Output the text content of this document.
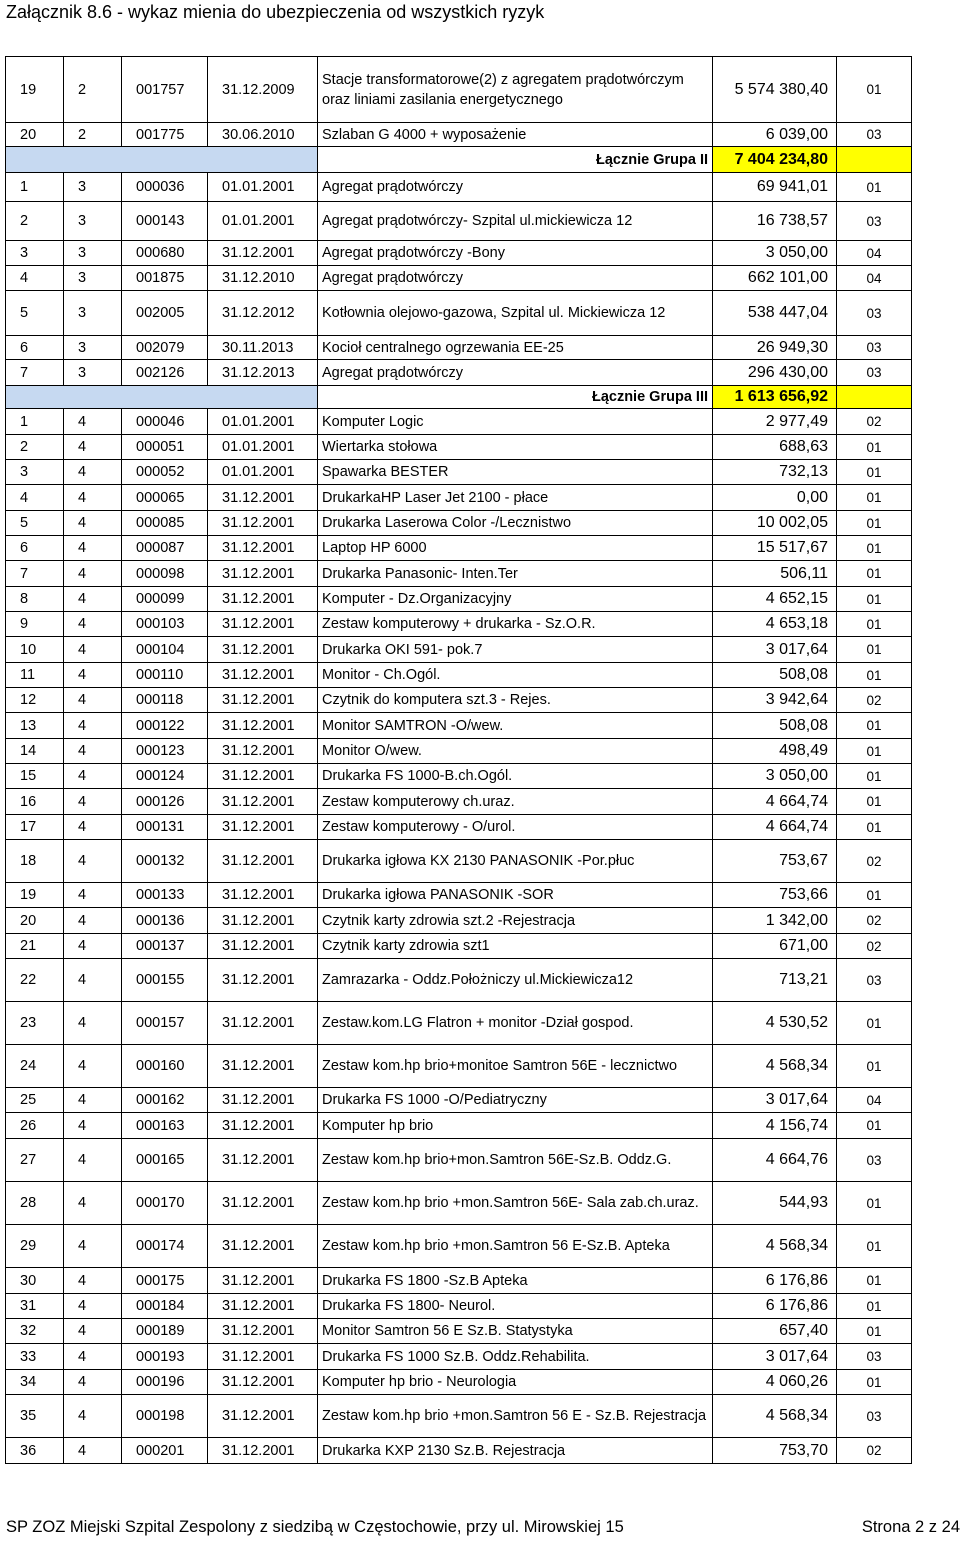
Załącznik 8.6 - wykaz mienia do ubezpieczenia od wszystkich ryzyk
19	2	001757	31.12.2009	Stacje transformatorowe(2) z agregatem prądotwórczym oraz liniami zasilania energetycznego	5 574 380,40	01
20	2	001775	30.06.2010	Szlaban G 4000 + wyposażenie	6 039,00	03
				Łącznie Grupa II	7 404 234,80	
1	3	000036	01.01.2001	Agregat prądotwórczy	69 941,01	01
2	3	000143	01.01.2001	Agregat prądotwórczy- Szpital ul.mickiewicza 12	16 738,57	03
3	3	000680	31.12.2001	Agregat prądotwórczy -Bony	3 050,00	04
4	3	001875	31.12.2010	Agregat prądotwórczy	662 101,00	04
5	3	002005	31.12.2012	Kotłownia olejowo-gazowa, Szpital ul. Mickiewicza 12	538 447,04	03
6	3	002079	30.11.2013	Kocioł centralnego ogrzewania EE-25	26 949,30	03
7	3	002126	31.12.2013	Agregat prądotwórczy	296 430,00	03
				Łącznie Grupa III	1 613 656,92	
1	4	000046	01.01.2001	Komputer Logic	2 977,49	02
2	4	000051	01.01.2001	Wiertarka stołowa	688,63	01
3	4	000052	01.01.2001	Spawarka BESTER	732,13	01
4	4	000065	31.12.2001	DrukarkaHP Laser Jet 2100 - płace	0,00	01
5	4	000085	31.12.2001	Drukarka Laserowa Color -/Lecznistwo	10 002,05	01
6	4	000087	31.12.2001	Laptop HP 6000	15 517,67	01
7	4	000098	31.12.2001	Drukarka Panasonic- Inten.Ter	506,11	01
8	4	000099	31.12.2001	Komputer - Dz.Organizacyjny	4 652,15	01
9	4	000103	31.12.2001	Zestaw komputerowy + drukarka - Sz.O.R.	4 653,18	01
10	4	000104	31.12.2001	Drukarka OKI 591- pok.7	3 017,64	01
11	4	000110	31.12.2001	Monitor - Ch.Ogól.	508,08	01
12	4	000118	31.12.2001	Czytnik do komputera szt.3 - Rejes.	3 942,64	02
13	4	000122	31.12.2001	Monitor SAMTRON -O/wew.	508,08	01
14	4	000123	31.12.2001	Monitor O/wew.	498,49	01
15	4	000124	31.12.2001	Drukarka FS 1000-B.ch.Ogól.	3 050,00	01
16	4	000126	31.12.2001	Zestaw komputerowy ch.uraz.	4 664,74	01
17	4	000131	31.12.2001	Zestaw komputerowy - O/urol.	4 664,74	01
18	4	000132	31.12.2001	Drukarka igłowa KX 2130 PANASONIK -Por.płuc	753,67	02
19	4	000133	31.12.2001	Drukarka igłowa PANASONIK -SOR	753,66	01
20	4	000136	31.12.2001	Czytnik karty zdrowia szt.2 -Rejestracja	1 342,00	02
21	4	000137	31.12.2001	Czytnik karty zdrowia szt1	671,00	02
22	4	000155	31.12.2001	Zamrazarka - Oddz.Położniczy ul.Mickiewicza12	713,21	03
23	4	000157	31.12.2001	Zestaw.kom.LG Flatron + monitor -Dział gospod.	4 530,52	01
24	4	000160	31.12.2001	Zestaw kom.hp brio+monitoe Samtron 56E - lecznictwo	4 568,34	01
25	4	000162	31.12.2001	Drukarka FS 1000 -O/Pediatryczny	3 017,64	04
26	4	000163	31.12.2001	Komputer hp brio	4 156,74	01
27	4	000165	31.12.2001	Zestaw kom.hp brio+mon.Samtron 56E-Sz.B. Oddz.G.	4 664,76	03
28	4	000170	31.12.2001	Zestaw kom.hp brio +mon.Samtron 56E- Sala zab.ch.uraz.	544,93	01
29	4	000174	31.12.2001	Zestaw kom.hp brio +mon.Samtron 56 E-Sz.B. Apteka	4 568,34	01
30	4	000175	31.12.2001	Drukarka FS 1800 -Sz.B Apteka	6 176,86	01
31	4	000184	31.12.2001	Drukarka FS 1800- Neurol.	6 176,86	01
32	4	000189	31.12.2001	Monitor Samtron 56 E Sz.B. Statystyka	657,40	01
33	4	000193	31.12.2001	Drukarka FS 1000 Sz.B. Oddz.Rehabilita.	3 017,64	03
34	4	000196	31.12.2001	Komputer hp brio - Neurologia	4 060,26	01
35	4	000198	31.12.2001	Zestaw kom.hp brio +mon.Samtron 56 E - Sz.B. Rejestracja	4 568,34	03
36	4	000201	31.12.2001	Drukarka KXP 2130 Sz.B. Rejestracja	753,70	02
SP ZOZ Miejski Szpital Zespolony z siedzibą w Częstochowie, przy ul. Mirowskiej 15	Strona 2 z 24
